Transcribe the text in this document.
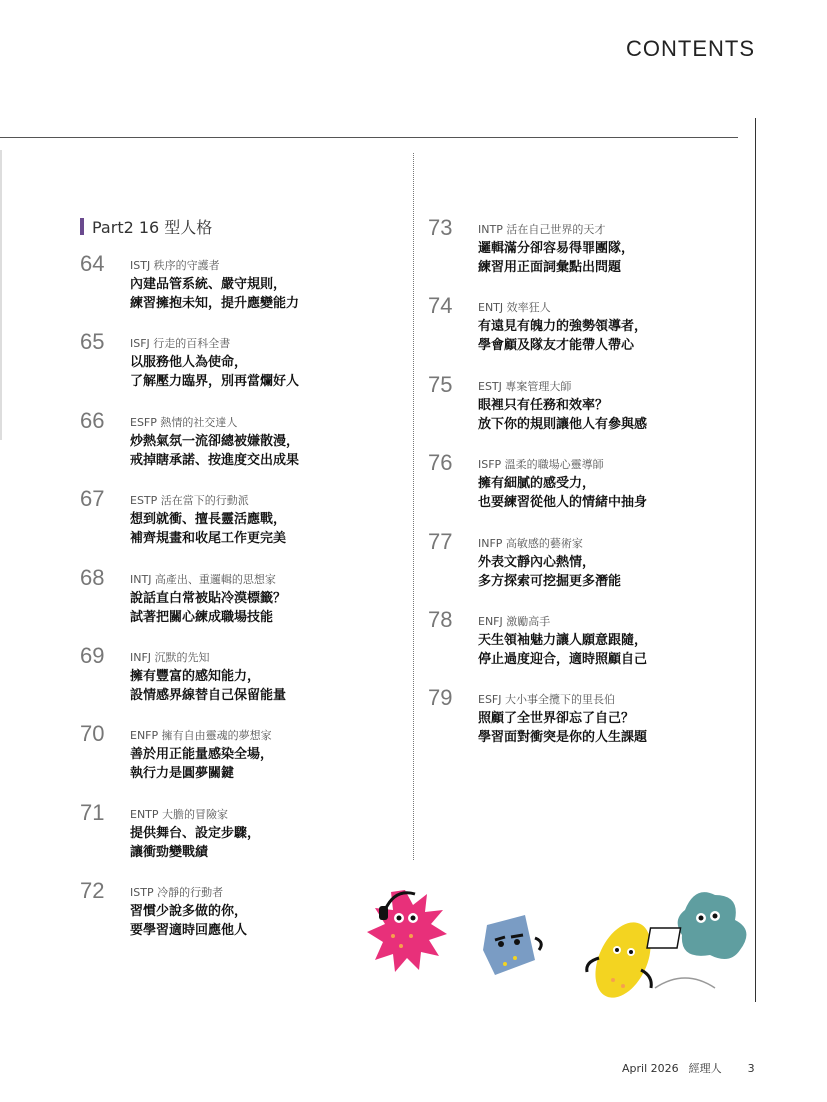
CONTENTS
Part2 16 型人格
64 ISTJ 秩序的守護者
內建品管系統、嚴守規則，
練習擁抱未知，提升應變能力
65 ISFJ 行走的百科全書
以服務他人為使命，
了解壓力臨界，別再當爛好人
66 ESFP 熱情的社交達人
炒熱氣氛一流卻總被嫌散漫，
戒掉瞎承諾、按進度交出成果
67 ESTP 活在當下的行動派
想到就衝、擅長靈活應戰，
補齊規畫和收尾工作更完美
68 INTJ 高產出、重邏輯的思想家
說話直白常被貼冷漠標籤？
試著把關心練成職場技能
69 INFJ 沉默的先知
擁有豐富的感知能力，
設情感界線替自己保留能量
70 ENFP 擁有自由靈魂的夢想家
善於用正能量感染全場，
執行力是圓夢關鍵
71 ENTP 大膽的冒險家
提供舞台、設定步驟，
讓衝勁變戰績
72 ISTP 冷靜的行動者
習慣少說多做的你，
要學習適時回應他人
73 INTP 活在自己世界的天才
邏輯滿分卻容易得罪團隊，
練習用正面詞彙點出問題
74 ENTJ 效率狂人
有遠見有魄力的強勢領導者，
學會顧及隊友才能帶人帶心
75 ESTJ 專案管理大師
眼裡只有任務和效率？
放下你的規則讓他人有參與感
76 ISFP 溫柔的職場心靈導師
擁有細膩的感受力，
也要練習從他人的情緒中抽身
77 INFP 高敏感的藝術家
外表文靜內心熱情，
多方探索可挖掘更多潛能
78 ENFJ 激勵高手
天生領袖魅力讓人願意跟隨，
停止過度迎合，適時照顧自己
79 ESFJ 大小事全攬下的里長伯
照顧了全世界卻忘了自己？
學習面對衝突是你的人生課題
April 2026 經理人 3
